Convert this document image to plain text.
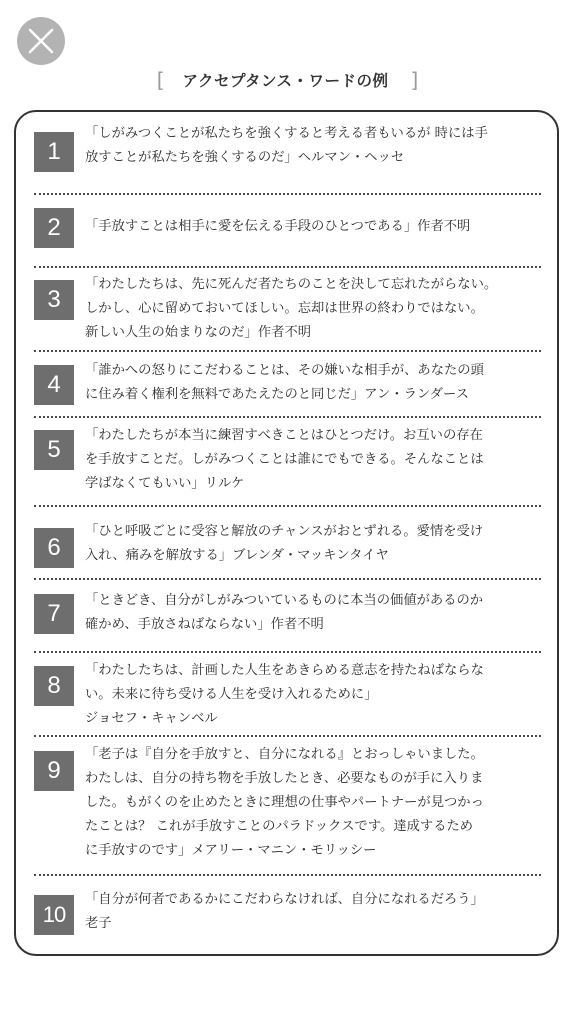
[ アクセプタンス・ワードの例 ]
1
「しがみつくことが私たちを強くすると考える者もいるが 時には手
放すことが私たちを強くするのだ」ヘルマン・ヘッセ
2	「手放すことは相手に愛を伝える手段のひとつである」作者不明
3
「わたしたちは、先に死んだ者たちのことを決して忘れたがらない。
しかし、心に留めておいてほしい。忘却は世界の終わりではない。
新しい人生の始まりなのだ」作者不明
4
「誰かへの怒りにこだわることは、その嫌いな相手が、あなたの頭
に住み着く権利を無料であたえたのと同じだ」アン・ランダース
5
「わたしたちが本当に練習すべきことはひとつだけ。お互いの存在
を手放すことだ。しがみつくことは誰にでもできる。そんなことは
学ばなくてもいい」リルケ
6
「ひと呼吸ごとに受容と解放のチャンスがおとずれる。愛情を受け
入れ、痛みを解放する」ブレンダ・マッキンタイヤ
7	「ときどき、自分がしがみついているものに本当の価値があるのか
確かめ、手放さねばならない」作者不明
8
「わたしたちは、計画した人生をあきらめる意志を持たねばならな
い。未来に待ち受ける人生を受け入れるために」
ジョセフ・キャンベル
9
「老子は『自分を手放すと、自分になれる』とおっしゃいました。
わたしは、自分の持ち物を手放したとき、必要なものが手に入りま
した。もがくのを止めたときに理想の仕事やパートナーが見つかっ
たことは？ これが手放すことのパラドックスです。達成するため
に手放すのです」メアリー・マニン・モリッシー
10
「自分が何者であるかにこだわらなければ、自分になれるだろう」
老子
